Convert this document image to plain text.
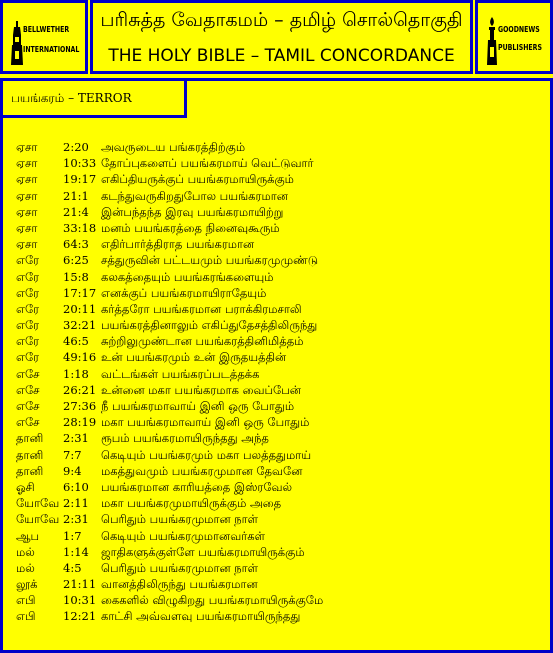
BELLWETHER
INTERNATIONAL
பரிசுத்த வேதாகமம் – தமிழ் சொல்தொகுதி
THE HOLY BIBLE – TAMIL CONCORDANCE
GOODNEWS
PUBLISHERS
பயங்கரம் – TERROR
ஏசா 2:20 அவருடைய பங்கரத்திற்கும்
ஏசா 10:33 தோப்புகளைப் பயங்கரமாய் வெட்டுவார்
ஏசா 19:17 எகிப்தியருக்குப் பயங்கரமாயிருக்கும்
ஏசா 21:1 கடந்துவருகிறதுபோல பயங்கரமான
ஏசா 21:4 இன்பந்தந்த இரவு பயங்கரமாயிற்று
ஏசா 33:18 மனம் பயங்கரத்தை நினைவுகூரும்
ஏசா 64:3 எதிர்பார்த்திராத பயங்கரமான
எரே 6:25 சத்துருவின் பட்டயமும் பயங்கரமுமுண்டு
எரே 15:8 கலகத்தையும் பயங்கரங்களையும்
எரே 17:17 எனக்குப் பயங்கரமாயிராதேயும்
எரே 20:11 கர்த்தரோ பயங்கரமான பராக்கிரமசாலி
எரே 32:21 பயங்கரத்தினாலும் எகிப்துதேசத்திலிருந்து
எரே 46:5 சுற்றிலுமுண்டான பயங்கரத்தினிமித்தம்
எரே 49:16 உன் பயங்கரமும் உன் இருதயத்தின்
எசே 1:18 வட்டங்கள் பயங்கரப்படத்தக்க
எசே 26:21 உன்னை மகா பயங்கரமாக வைப்பேன்
எசே 27:36 நீ பயங்கரமாவாய் இனி ஒரு போதும்
எசே 28:19 மகா பயங்கரமாவாய் இனி ஒரு போதும்
தானி 2:31 ரூபம் பயங்கரமாயிருந்தது அந்த
தானி 7:7 கெடியும் பயங்கரமும் மகா பலத்ததுமாய்
தானி 9:4 மகத்துவமும் பயங்கரமுமான தேவனே
ஓசி 6:10 பயங்கரமான காரியத்தை இஸ்ரவேல்
யோவே 2:11 மகா பயங்கரமுமாயிருக்கும் அதை
யோவே 2:31 பெரிதும் பயங்கரமுமான நாள்
ஆப 1:7 கெடியும் பயங்கரமுமானவர்கள்
மல் 1:14 ஜாதிகளுக்குள்ளே பயங்கரமாயிருக்கும்
மல் 4:5 பெரிதும் பயங்கரமுமான நாள்
லூக் 21:11 வானத்திலிருந்து பயங்கரமான
எபி 10:31 கைகளில் விழுகிறது பயங்கரமாயிருக்குமே
எபி 12:21 காட்சி அவ்வளவு பயங்கரமாயிருந்தது
